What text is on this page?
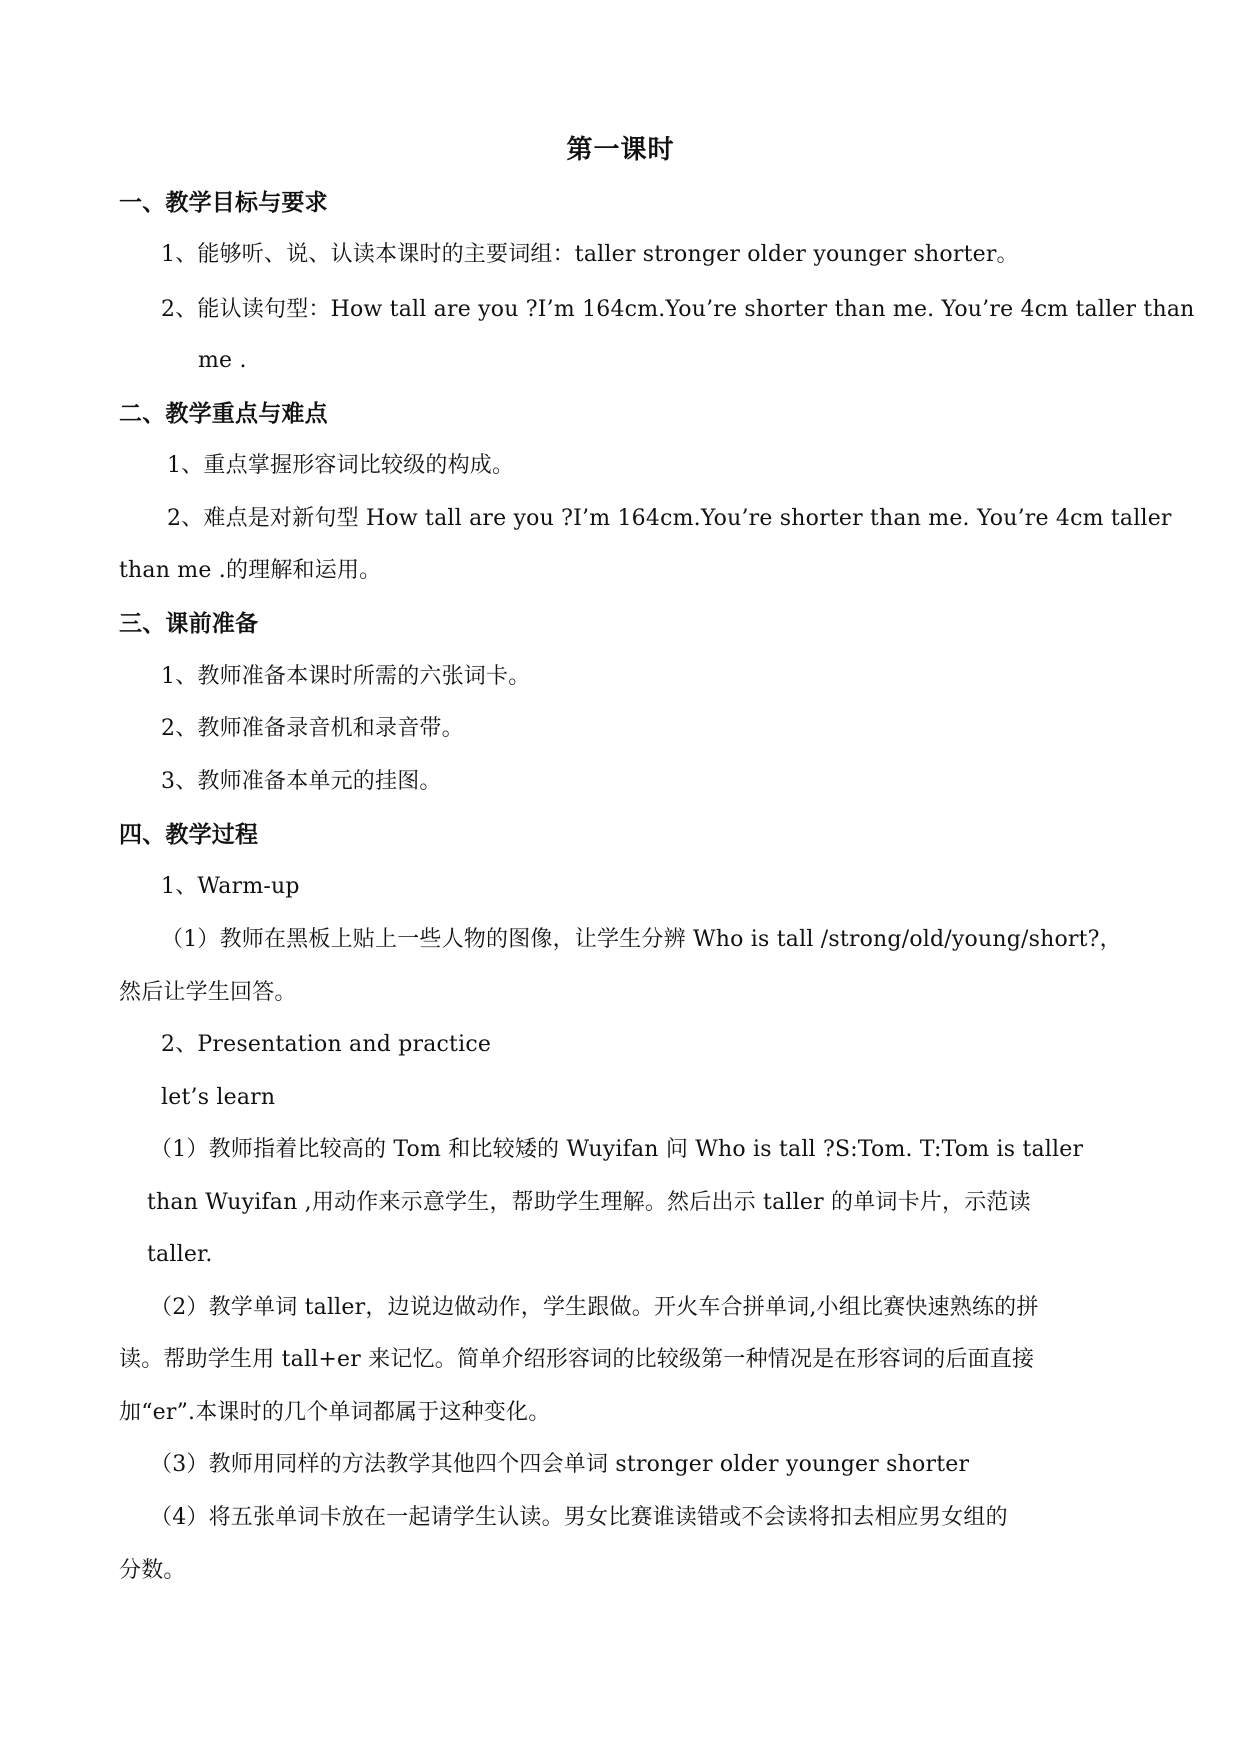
第一课时
一、教学目标与要求
1、能够听、说、认读本课时的主要词组：taller stronger older younger shorter。
2、能认读句型：How tall are you ?I’m 164cm.You’re shorter than me. You’re 4cm taller than
me .
二、教学重点与难点
1、重点掌握形容词比较级的构成。
2、难点是对新句型 How tall are you ?I’m 164cm.You’re shorter than me. You’re 4cm taller
than me .的理解和运用。
三、课前准备
1、教师准备本课时所需的六张词卡。
2、教师准备录音机和录音带。
3、教师准备本单元的挂图。
四、教学过程
1、Warm-up
（1）教师在黑板上贴上一些人物的图像，让学生分辨 Who is tall /strong/old/young/short?，
然后让学生回答。
2、Presentation and practice
let’s learn
（1）教师指着比较高的 Tom 和比较矮的 Wuyifan 问 Who is tall ?S:Tom. T:Tom is taller
than Wuyifan ,用动作来示意学生，帮助学生理解。然后出示 taller 的单词卡片，示范读
taller.
（2）教学单词 taller，边说边做动作，学生跟做。开火车合拼单词,小组比赛快速熟练的拼
读。帮助学生用 tall+er 来记忆。简单介绍形容词的比较级第一种情况是在形容词的后面直接
加“er”.本课时的几个单词都属于这种变化。
（3）教师用同样的方法教学其他四个四会单词 stronger older younger shorter
（4）将五张单词卡放在一起请学生认读。男女比赛谁读错或不会读将扣去相应男女组的
分数。
